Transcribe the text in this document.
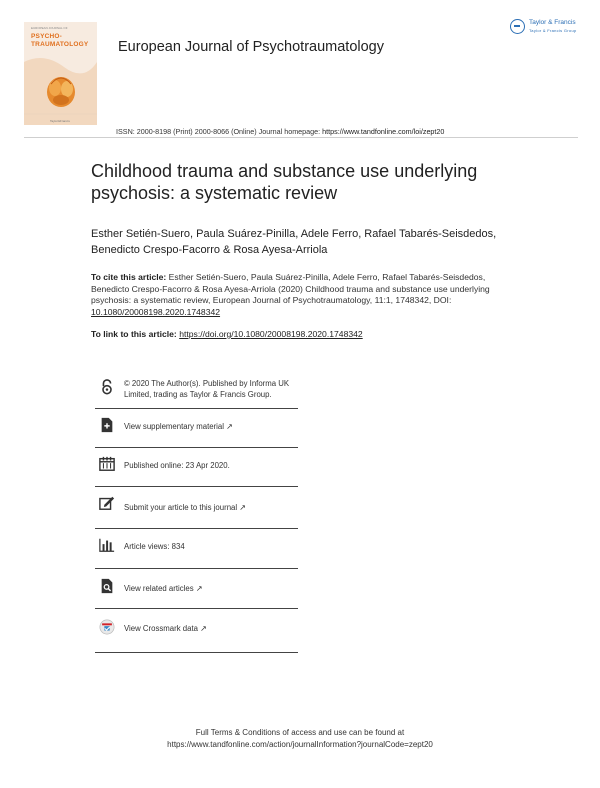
EUROPEAN JOURNAL OF
PSYCHO-
TRAUMATOLOGY
Taylor&Francis
European Journal of Psychotraumatology
Taylor & Francis
Taylor & Francis Group
ISSN: 2000-8198 (Print) 2000-8066 (Online) Journal homepage: https://www.tandfonline.com/loi/zept20
Childhood trauma and substance use underlying psychosis: a systematic review
Esther Setién-Suero, Paula Suárez-Pinilla, Adele Ferro, Rafael Tabarés-Seisdedos, Benedicto Crespo-Facorro & Rosa Ayesa-Arriola
To cite this article: Esther Setién-Suero, Paula Suárez-Pinilla, Adele Ferro, Rafael Tabarés-Seisdedos, Benedicto Crespo-Facorro & Rosa Ayesa-Arriola (2020) Childhood trauma and substance use underlying psychosis: a systematic review, European Journal of Psychotraumatology, 11:1, 1748342, DOI: 10.1080/20008198.2020.1748342
To link to this article: https://doi.org/10.1080/20008198.2020.1748342
© 2020 The Author(s). Published by Informa UK Limited, trading as Taylor & Francis Group.
View supplementary material ↗
Published online: 23 Apr 2020.
Submit your article to this journal ↗
Article views: 834
View related articles ↗
View Crossmark data ↗
Full Terms & Conditions of access and use can be found at
https://www.tandfonline.com/action/journalInformation?journalCode=zept20
